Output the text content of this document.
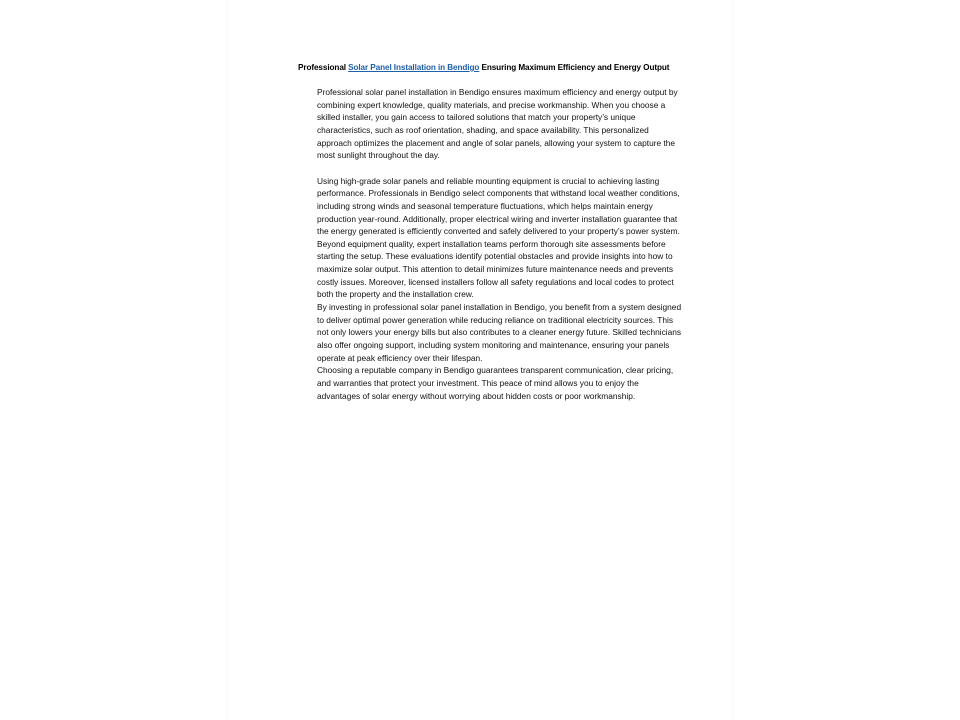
Professional Solar Panel Installation in Bendigo Ensuring Maximum Efficiency and Energy Output

Professional solar panel installation in Bendigo ensures maximum efficiency and energy output by combining expert knowledge, quality materials, and precise workmanship. When you choose a skilled installer, you gain access to tailored solutions that match your property’s unique characteristics, such as roof orientation, shading, and space availability. This personalized approach optimizes the placement and angle of solar panels, allowing your system to capture the most sunlight throughout the day.

Using high-grade solar panels and reliable mounting equipment is crucial to achieving lasting performance. Professionals in Bendigo select components that withstand local weather conditions, including strong winds and seasonal temperature fluctuations, which helps maintain energy production year-round. Additionally, proper electrical wiring and inverter installation guarantee that the energy generated is efficiently converted and safely delivered to your property’s power system.

Beyond equipment quality, expert installation teams perform thorough site assessments before starting the setup. These evaluations identify potential obstacles and provide insights into how to maximize solar output. This attention to detail minimizes future maintenance needs and prevents costly issues. Moreover, licensed installers follow all safety regulations and local codes to protect both the property and the installation crew.

By investing in professional solar panel installation in Bendigo, you benefit from a system designed to deliver optimal power generation while reducing reliance on traditional electricity sources. This not only lowers your energy bills but also contributes to a cleaner energy future. Skilled technicians also offer ongoing support, including system monitoring and maintenance, ensuring your panels operate at peak efficiency over their lifespan.

Choosing a reputable company in Bendigo guarantees transparent communication, clear pricing, and warranties that protect your investment. This peace of mind allows you to enjoy the advantages of solar energy without worrying about hidden costs or poor workmanship.
